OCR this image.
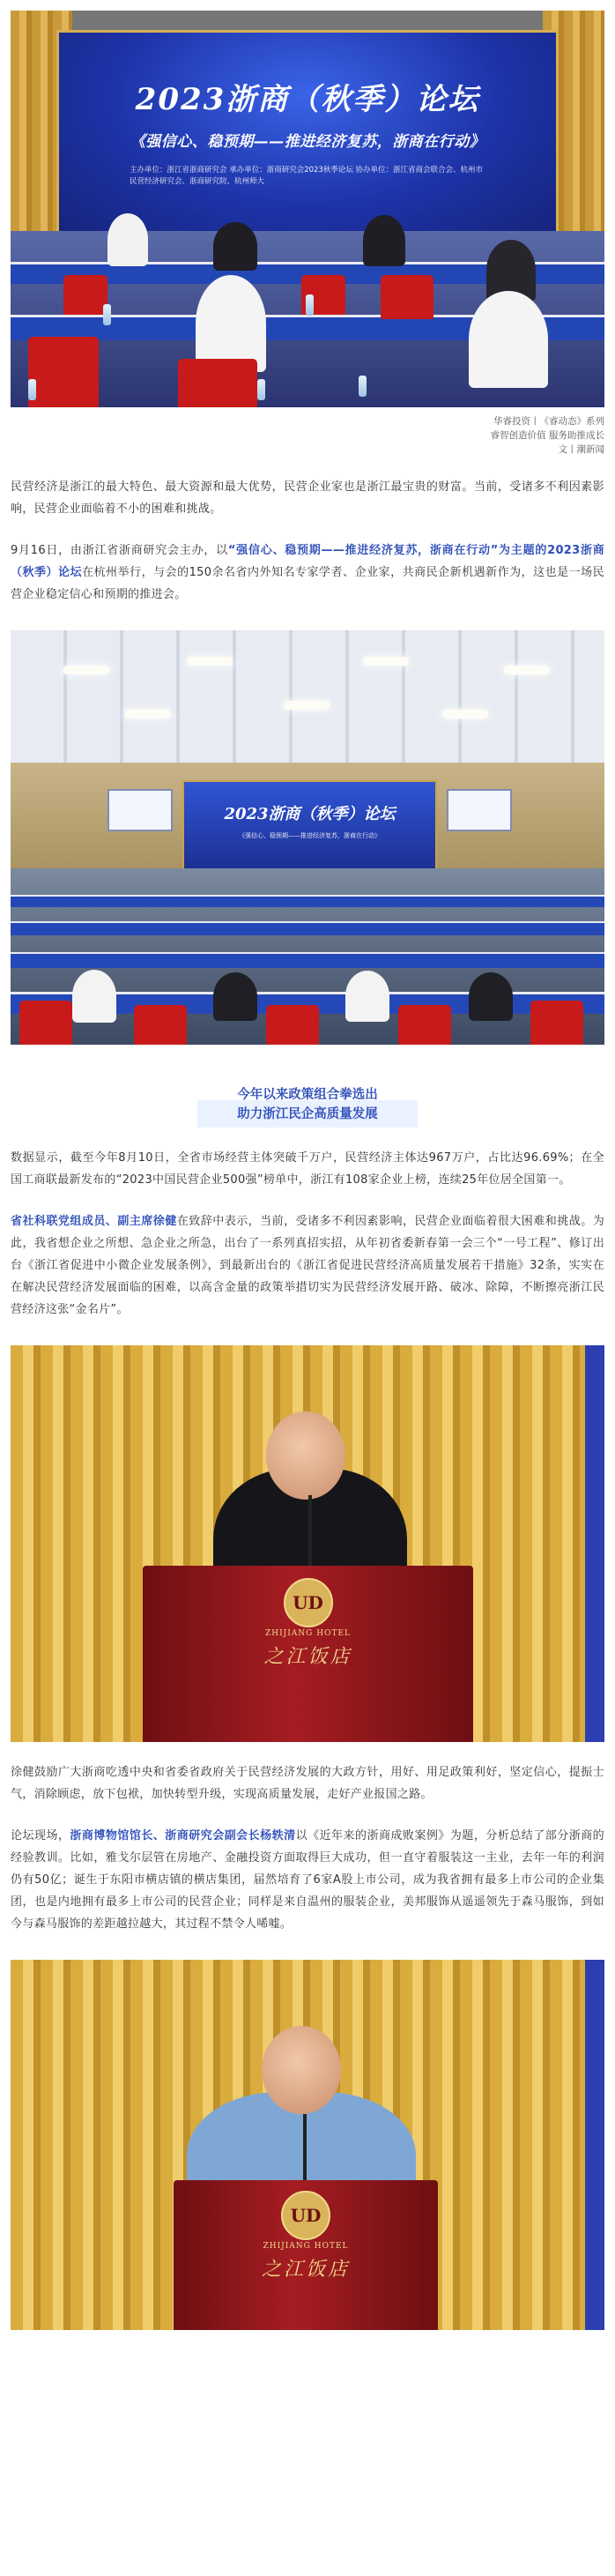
2023浙商（秋季）论坛
《强信心、稳预期——推进经济复苏，浙商在行动》
主办单位：浙江省浙商研究会 承办单位：浙商研究会2023秋季论坛 协办单位：浙江省商会联合会、杭州市民营经济研究会、浙商研究院、杭州师大
华睿投资丨《睿动态》系列
睿智创造价值 服务助推成长
文丨潮新闻

民营经济是浙江的最大特色、最大资源和最大优势，民营企业家也是浙江最宝贵的财富。当前，受诸多不利因素影响，民营企业面临着不小的困难和挑战。

9月16日，由浙江省浙商研究会主办，以“强信心、稳预期——推进经济复苏，浙商在行动”为主题的2023浙商（秋季）论坛在杭州举行，与会的150余名省内外知名专家学者、企业家，共商民企新机遇新作为，这也是一场民营企业稳定信心和预期的推进会。

2023浙商（秋季）论坛
《强信心、稳预期——推进经济复苏，浙商在行动》
今年以来政策组合拳选出
助力浙江民企高质量发展

数据显示，截至今年8月10日，全省市场经营主体突破千万户，民营经济主体达967万户，占比达96.69%；在全国工商联最新发布的“2023中国民营企业500强”榜单中，浙江有108家企业上榜，连续25年位居全国第一。

省社科联党组成员、副主席徐健在致辞中表示，当前，受诸多不利因素影响，民营企业面临着很大困难和挑战。为此，我省想企业之所想、急企业之所急，出台了一系列真招实招，从年初省委新春第一会三个“一号工程”、修订出台《浙江省促进中小微企业发展条例》，到最新出台的《浙江省促进民营经济高质量发展若干措施》32条，实实在在解决民营经济发展面临的困难，以高含金量的政策举措切实为民营经济发展开路、破冰、除障，不断擦亮浙江民营经济这张“金名片”。

UD
ZHIJIANG HOTEL
之江饭店

徐健鼓励广大浙商吃透中央和省委省政府关于民营经济发展的大政方针，用好、用足政策利好，坚定信心，提振士气，消除顾虑，放下包袱，加快转型升级，实现高质量发展，走好产业报国之路。

论坛现场，浙商博物馆馆长、浙商研究会副会长杨轶清以《近年来的浙商成败案例》为题，分析总结了部分浙商的经验教训。比如，雅戈尔层管在房地产、金融投资方面取得巨大成功，但一直守着服装这一主业，去年一年的利润仍有50亿；诞生于东阳市横店镇的横店集团，届然培育了6家A股上市公司，成为我省拥有最多上市公司的企业集团，也是内地拥有最多上市公司的民营企业；同样是来自温州的服装企业，美邦服饰从遥遥领先于森马服饰，到如今与森马服饰的差距越拉越大，其过程不禁令人唏嘘。

UD
ZHIJIANG HOTEL
之江饭店
